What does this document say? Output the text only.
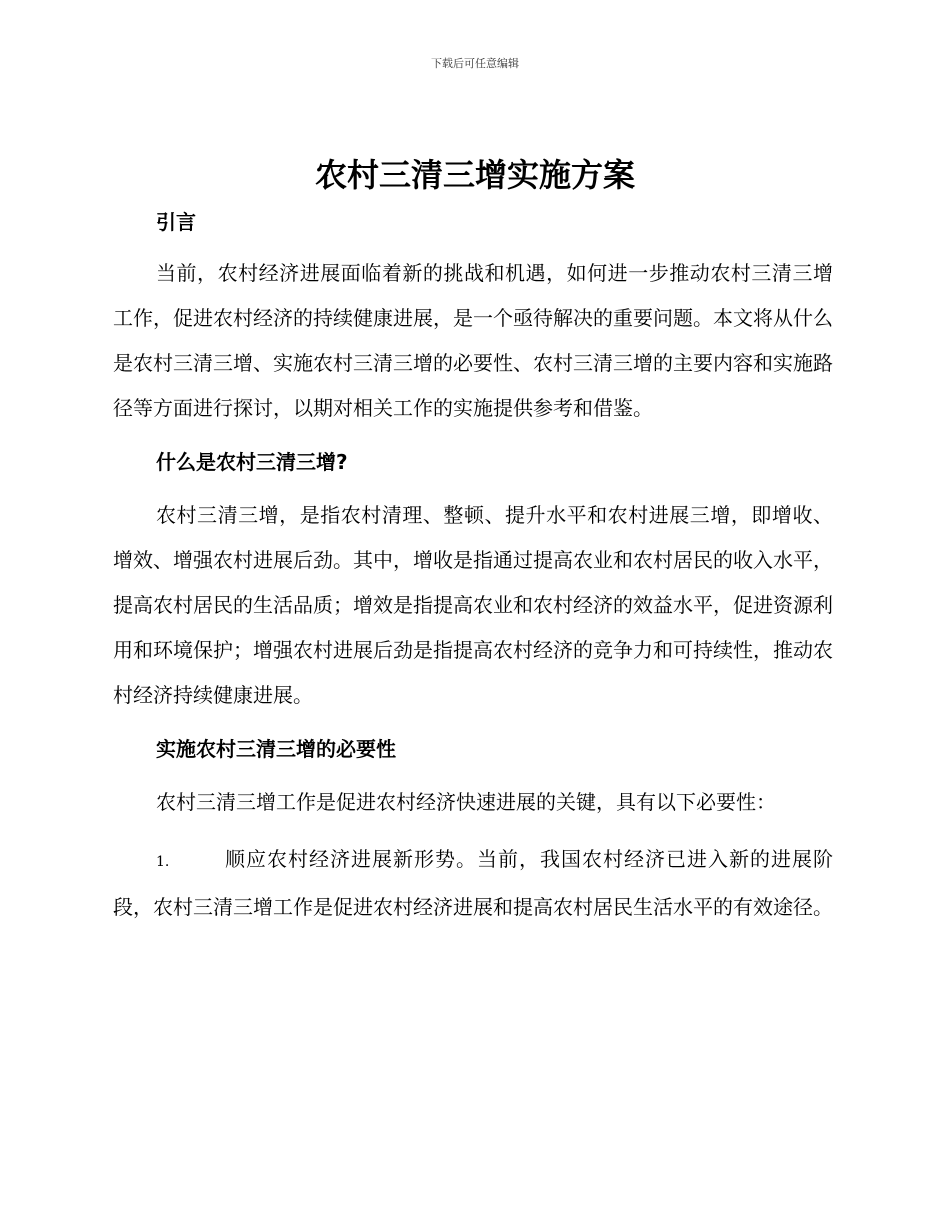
下载后可任意编辑
农村三清三增实施方案
引言

当前，农村经济进展面临着新的挑战和机遇，如何进一步推动农村三清三增工作，促进农村经济的持续健康进展，是一个亟待解决的重要问题。本文将从什么是农村三清三增、实施农村三清三增的必要性、农村三清三增的主要内容和实施路径等方面进行探讨，以期对相关工作的实施提供参考和借鉴。

什么是农村三清三增?

农村三清三增，是指农村清理、整顿、提升水平和农村进展三增，即增收、增效、增强农村进展后劲。其中，增收是指通过提高农业和农村居民的收入水平，提高农村居民的生活品质；增效是指提高农业和农村经济的效益水平，促进资源利用和环境保护；增强农村进展后劲是指提高农村经济的竞争力和可持续性，推动农村经济持续健康进展。

实施农村三清三增的必要性

农村三清三增工作是促进农村经济快速进展的关键，具有以下必要性：

1.	顺应农村经济进展新形势。当前，我国农村经济已进入新的进展阶段，农村三清三增工作是促进农村经济进展和提高农村居民生活水平的有效途径。
